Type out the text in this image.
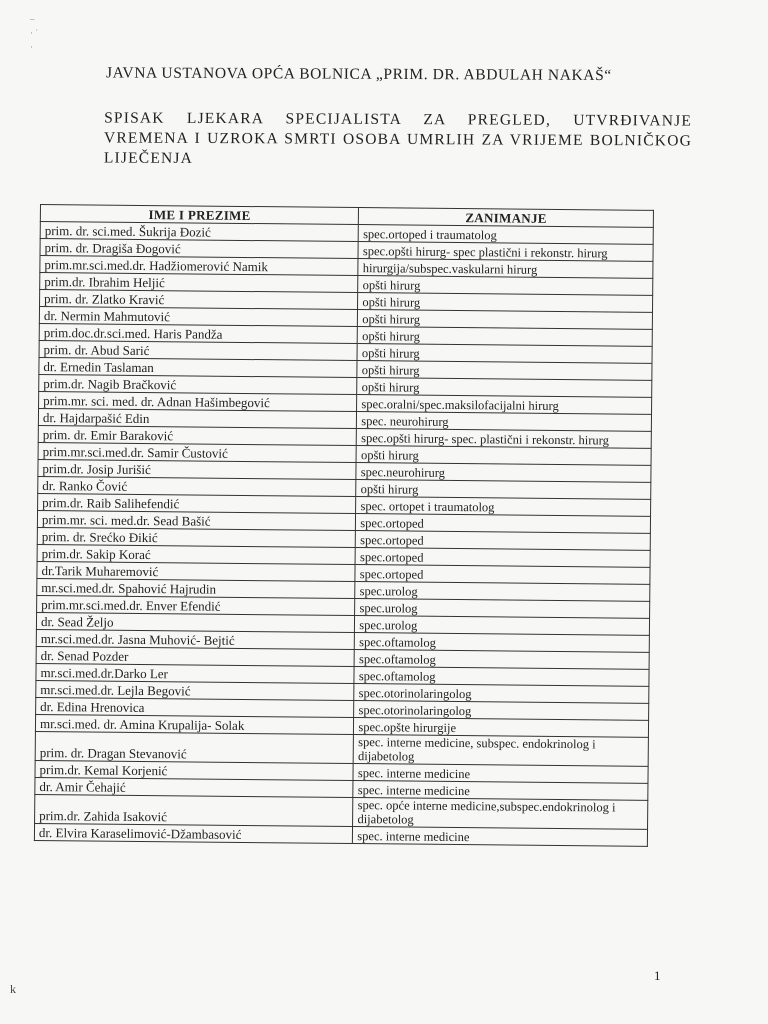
–
· ˙
·
JAVNA USTANOVA OPĆA BOLNICA „PRIM. DR. ABDULAH NAKAŠ“
SPISAK LJEKARA SPECIJALISTA ZA PREGLED, UTVRĐIVANJE VREMENA I UZROKA SMRTI OSOBA UMRLIH ZA VRIJEME BOLNIČKOG LIJEČENJA
IME I PREZIME	ZANIMANJE
prim. dr. sci.med. Šukrija Đozić	spec.ortoped i traumatolog
prim. dr. Dragiša Đogović	spec.opšti hirurg- spec plastični i rekonstr. hirurg
prim.mr.sci.med.dr. Hadžiomerović Namik	hirurgija/subspec.vaskularni hirurg
prim.dr. Ibrahim Heljić	opšti hirurg
prim. dr. Zlatko Kravić	opšti hirurg
dr. Nermin Mahmutović	opšti hirurg
prim.doc.dr.sci.med. Haris Pandža	opšti hirurg
prim. dr. Abud Sarić	opšti hirurg
dr. Ernedin Taslaman	opšti hirurg
prim.dr. Nagib Bračković	opšti hirurg
prim.mr. sci. med. dr. Adnan Hašimbegović	spec.oralni/spec.maksilofacijalni hirurg
dr. Hajdarpašić Edin	spec. neurohirurg
prim. dr. Emir Baraković	spec.opšti hirurg- spec. plastični i rekonstr. hirurg
prim.mr.sci.med.dr. Samir Čustović	opšti hirurg
prim.dr. Josip Jurišić	spec.neurohirurg
dr. Ranko Čović	opšti hirurg
prim.dr. Raib Salihefendić	spec. ortopet i traumatolog
prim.mr. sci. med.dr. Sead Bašić	spec.ortoped
prim. dr. Srećko Đikić	spec.ortoped
prim.dr. Sakip Korać	spec.ortoped
dr.Tarik Muharemović	spec.ortoped
mr.sci.med.dr. Spahović Hajrudin	spec.urolog
prim.mr.sci.med.dr. Enver Efendić	spec.urolog
dr. Sead Željo	spec.urolog
mr.sci.med.dr. Jasna Muhović- Bejtić	spec.oftamolog
dr. Senad Pozder	spec.oftamolog
mr.sci.med.dr.Darko Ler	spec.oftamolog
mr.sci.med.dr. Lejla Begović	spec.otorinolaringolog
dr. Edina Hrenovica	spec.otorinolaringolog
mr.sci.med. dr. Amina Krupalija- Solak	spec.opšte hirurgije
prim. dr. Dragan Stevanović	spec. interne medicine, subspec. endokrinolog i dijabetolog
prim.dr. Kemal Korjenić	spec. interne medicine
dr. Amir Čehajić	spec. interne medicine
prim.dr. Zahida Isaković	spec. opće interne medicine,subspec.endokrinolog i dijabetolog
dr. Elvira Karaselimović-Džambasović	spec. interne medicine
1
k
